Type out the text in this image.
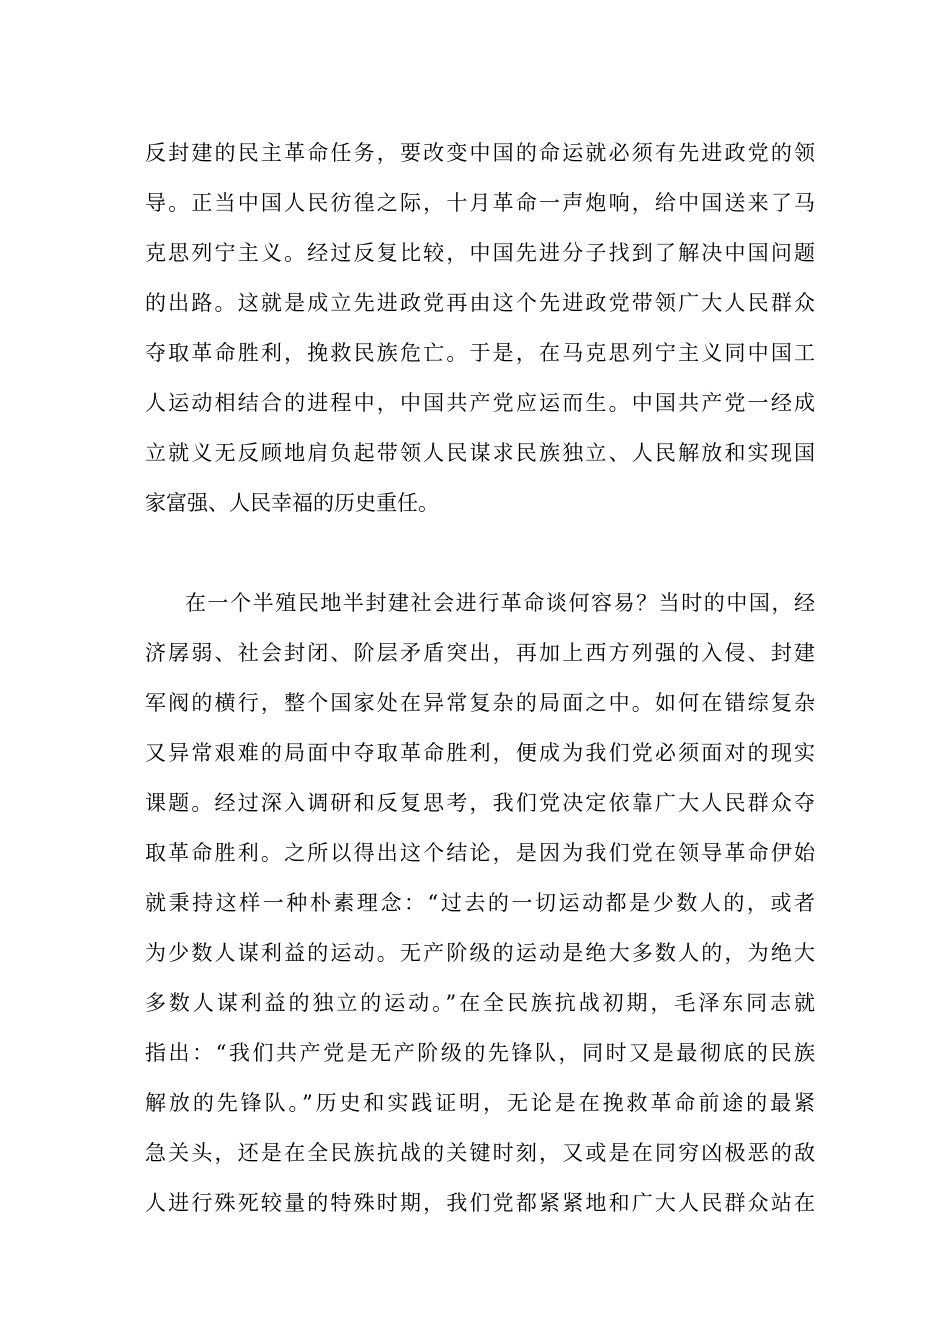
反封建的民主革命任务，要改变中国的命运就必须有先进政党的领
导。正当中国人民彷徨之际，十月革命一声炮响，给中国送来了马
克思列宁主义。经过反复比较，中国先进分子找到了解决中国问题
的出路。这就是成立先进政党再由这个先进政党带领广大人民群众
夺取革命胜利，挽救民族危亡。于是，在马克思列宁主义同中国工
人运动相结合的进程中，中国共产党应运而生。中国共产党一经成
立就义无反顾地肩负起带领人民谋求民族独立、人民解放和实现国
家富强、人民幸福的历史重任。
在一个半殖民地半封建社会进行革命谈何容易？当时的中国，经
济孱弱、社会封闭、阶层矛盾突出，再加上西方列强的入侵、封建
军阀的横行，整个国家处在异常复杂的局面之中。如何在错综复杂
又异常艰难的局面中夺取革命胜利，便成为我们党必须面对的现实
课题。经过深入调研和反复思考，我们党决定依靠广大人民群众夺
取革命胜利。之所以得出这个结论，是因为我们党在领导革命伊始
就秉持这样一种朴素理念：“过去的一切运动都是少数人的，或者
为少数人谋利益的运动。无产阶级的运动是绝大多数人的，为绝大
多数人谋利益的独立的运动。”在全民族抗战初期，毛泽东同志就
指出：“我们共产党是无产阶级的先锋队，同时又是最彻底的民族
解放的先锋队。”历史和实践证明，无论是在挽救革命前途的最紧
急关头，还是在全民族抗战的关键时刻，又或是在同穷凶极恶的敌
人进行殊死较量的特殊时期，我们党都紧紧地和广大人民群众站在
